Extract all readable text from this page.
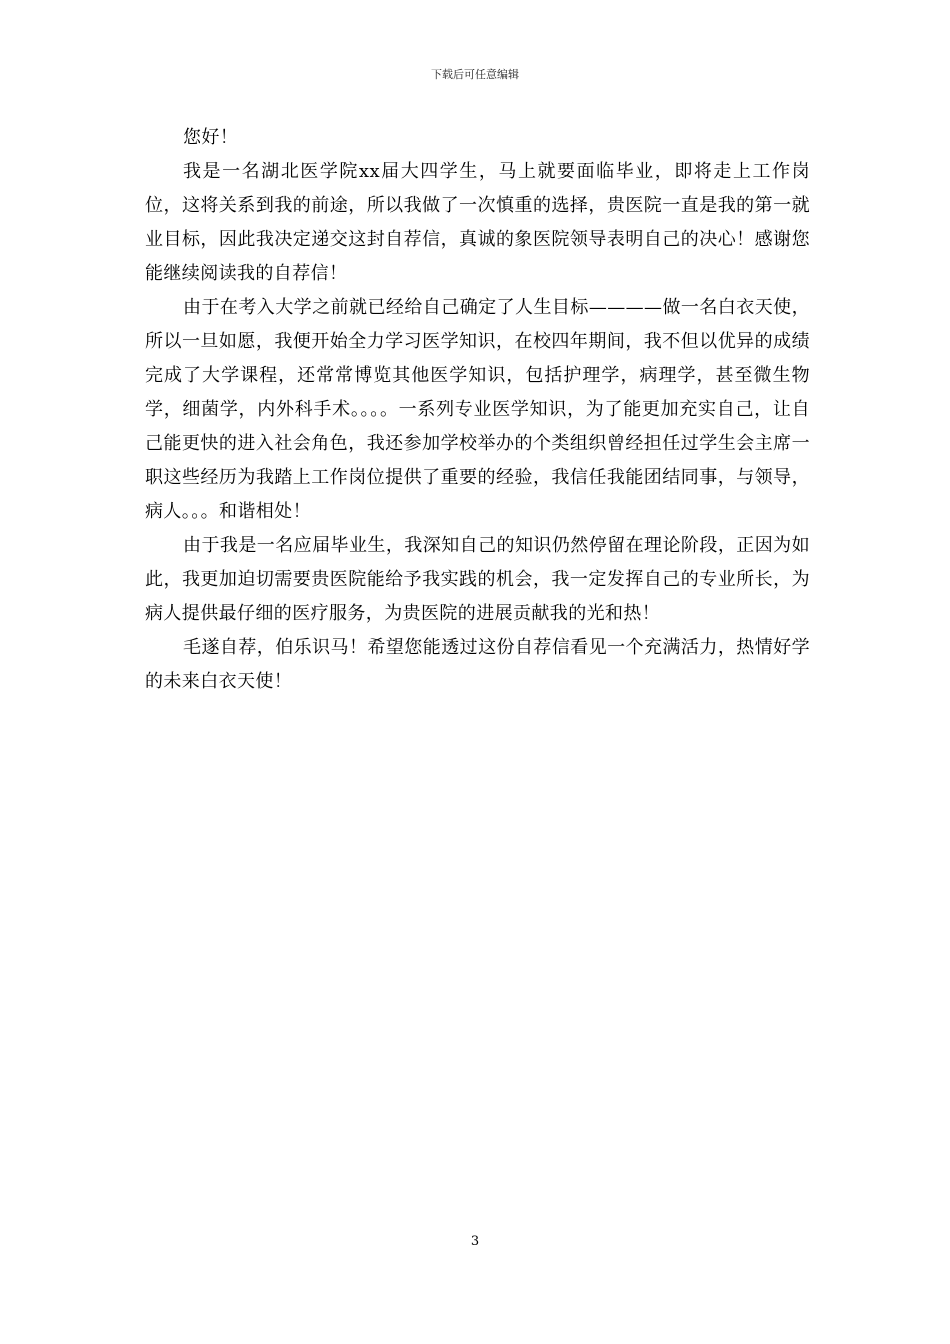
下载后可任意编辑

您好！

我是一名湖北医学院xx届大四学生，马上就要面临毕业，即将走上工作岗位，这将关系到我的前途，所以我做了一次慎重的选择，贵医院一直是我的第一就业目标，因此我决定递交这封自荐信，真诚的象医院领导表明自己的决心！感谢您能继续阅读我的自荐信！

由于在考入大学之前就已经给自己确定了人生目标————做一名白衣天使，所以一旦如愿，我便开始全力学习医学知识，在校四年期间，我不但以优异的成绩完成了大学课程，还常常博览其他医学知识，包括护理学，病理学，甚至微生物学，细菌学，内外科手术。。。。一系列专业医学知识，为了能更加充实自己，让自己能更快的进入社会角色，我还参加学校举办的个类组织曾经担任过学生会主席一职这些经历为我踏上工作岗位提供了重要的经验，我信任我能团结同事，与领导，病人。。。和谐相处！

由于我是一名应届毕业生，我深知自己的知识仍然停留在理论阶段，正因为如此，我更加迫切需要贵医院能给予我实践的机会，我一定发挥自己的专业所长，为病人提供最仔细的医疗服务，为贵医院的进展贡献我的光和热！

毛遂自荐，伯乐识马！希望您能透过这份自荐信看见一个充满活力，热情好学的未来白衣天使！

3
